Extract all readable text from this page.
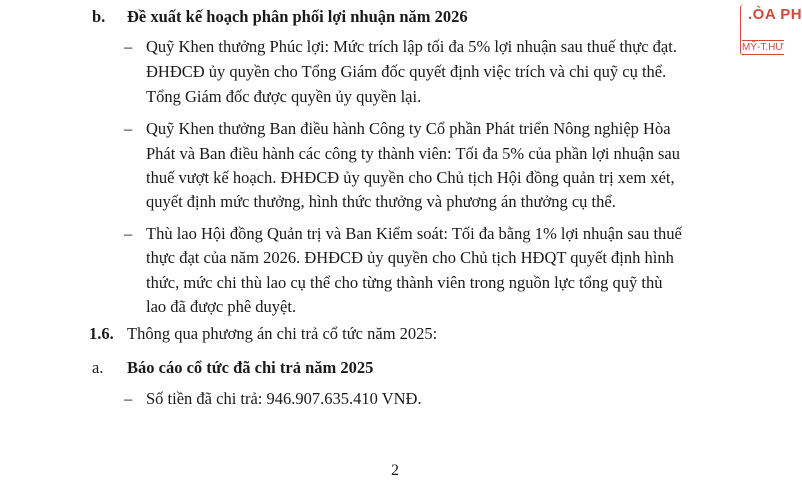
.ÒA PH
MỸ-T.HƯ
b. Đề xuất kế hoạch phân phối lợi nhuận năm 2026
– Quỹ Khen thưởng Phúc lợi: Mức trích lập tối đa 5% lợi nhuận sau thuế thực đạt.
ĐHĐCĐ ủy quyền cho Tổng Giám đốc quyết định việc trích và chi quỹ cụ thể.
Tổng Giám đốc được quyền ủy quyền lại.
– Quỹ Khen thưởng Ban điều hành Công ty Cổ phần Phát triển Nông nghiệp Hòa
Phát và Ban điều hành các công ty thành viên: Tối đa 5% của phần lợi nhuận sau
thuế vượt kế hoạch. ĐHĐCĐ ủy quyền cho Chủ tịch Hội đồng quản trị xem xét,
quyết định mức thưởng, hình thức thưởng và phương án thưởng cụ thể.
– Thù lao Hội đồng Quản trị và Ban Kiểm soát: Tối đa bằng 1% lợi nhuận sau thuế
thực đạt của năm 2026. ĐHĐCĐ ủy quyền cho Chủ tịch HĐQT quyết định hình
thức, mức chi thù lao cụ thể cho từng thành viên trong nguồn lực tổng quỹ thù
lao đã được phê duyệt.
1.6. Thông qua phương án chi trả cổ tức năm 2025:
a. Báo cáo cổ tức đã chi trả năm 2025
– Số tiền đã chi trả: 946.907.635.410 VNĐ.
2
